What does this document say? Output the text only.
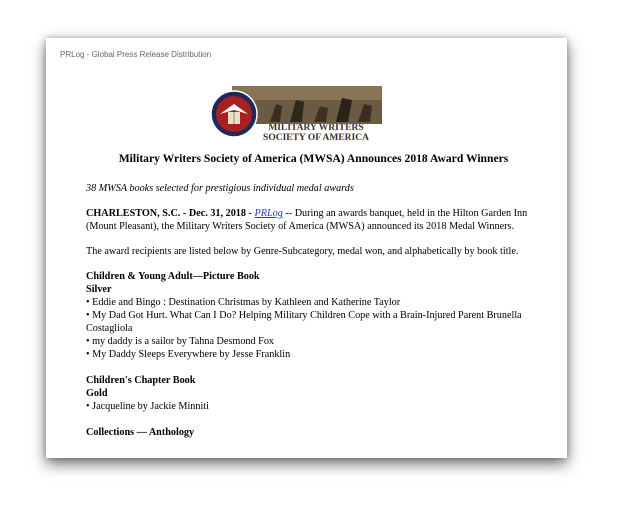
PRLog - Global Press Release Distribution
MILITARY WRITERS
SOCIETY OF AMERICA
Military Writers Society of America (MWSA) Announces 2018 Award Winners
38 MWSA books selected for prestigious individual medal awards
CHARLESTON, S.C. - Dec. 31, 2018 - PRLog -- During an awards banquet, held in the Hilton Garden Inn (Mount Pleasant), the Military Writers Society of America (MWSA) announced its 2018 Medal Winners.
The award recipients are listed below by Genre-Subcategory, medal won, and alphabetically by book title.
Children & Young Adult—Picture Book
Silver
• Eddie and Bingo : Destination Christmas by Kathleen and Katherine Taylor
• My Dad Got Hurt. What Can I Do? Helping Military Children Cope with a Brain-Injured Parent Brunella Costagliola
• my daddy is a sailor by Tahna Desmond Fox
• My Daddy Sleeps Everywhere by Jesse Franklin
Children's Chapter Book
Gold
• Jacqueline by Jackie Minniti
Collections — Anthology
